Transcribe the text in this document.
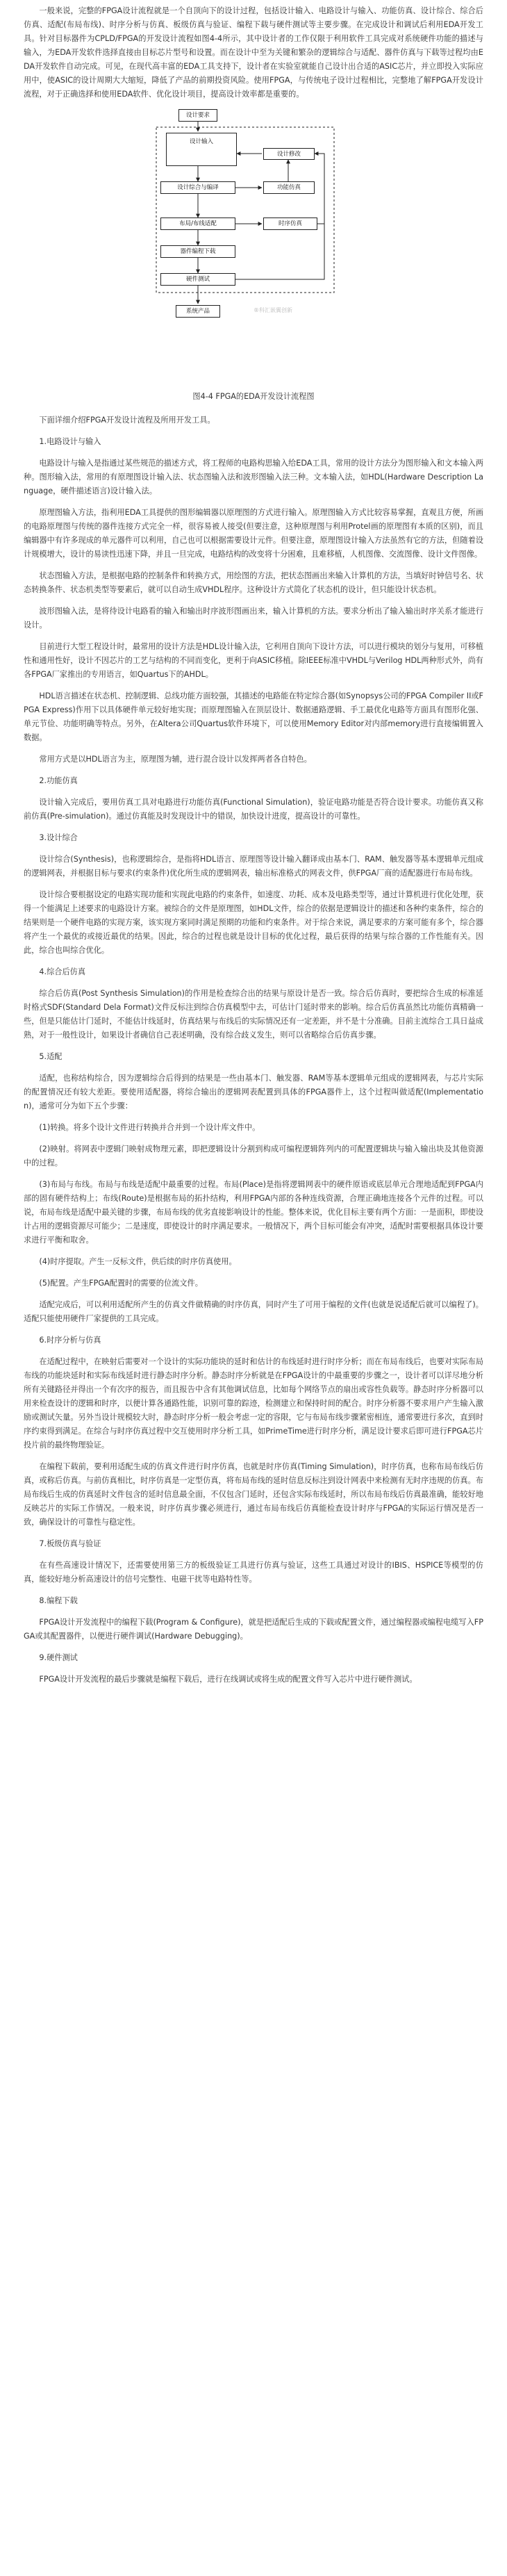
一般来说，完整的FPGA设计流程就是一个自顶向下的设计过程，包括设计输入、电路设计与输入、功能仿真、设计综合、综合后仿真、适配(布局布线)、时序分析与仿真、板级仿真与验证、编程下载与硬件测试等主要步骤。在完成设计和调试后利用EDA开发工具。针对目标器件为CPLD/FPGA的开发设计流程如图4-4所示，其中设计者的工作仅限于利用软件工具完成对系统硬件功能的描述与输入，为EDA开发软件选择直接由目标芯片型号和设置。而在设计中至为关键和繁杂的逻辑综合与适配、器件仿真与下载等过程均由EDA开发软件自动完成。可见，在现代高丰富的EDA工具支持下，设计者在实验室就能自己设计出合适的ASIC芯片，并立即投入实际应用中，使ASIC的设计周期大大缩短，降低了产品的前期投资风险。使用FPGA，与传统电子设计过程相比，完整地了解FPGA开发设计流程，对于正确选择和使用EDA软件、优化设计项目，提高设计效率都是重要的。

设计要求
设计输入
设计修改
设计综合与编译	功能仿真
布局/布线适配	时序仿真
器件编程下载
硬件测试
系统产品	®科汇嵌翼创新
图4-4 FPGA的EDA开发设计流程图

下面详细介绍FPGA开发设计流程及所用开发工具。

1.电路设计与输入

电路设计与输入是指通过某些规范的描述方式，将工程师的电路构思输入给EDA工具，常用的设计方法分为图形输入和文本输入两种。图形输入法，常用的有原理图设计输入法、状态图输入法和波形图输入法三种。文本输入法，如HDL(Hardware Description Language，硬件描述语言)设计输入法。

原理图输入方法，指利用EDA工具提供的图形编辑器以原理图的方式进行输入。原理图输入方式比较容易掌握，直观且方便，所画的电路原理图与传统的器件连接方式完全一样，很容易被人接受(但要注意，这种原理图与利用Protel画的原理图有本质的区别)，而且编辑器中有许多现成的单元器件可以利用，自己也可以根据需要设计元件。但要注意，原理图设计输入方法虽然有它的方法，但随着设计规模增大，设计的易读性迅速下降，并且一旦完成，电路结构的改变将十分困难，且难移植，人机图像、交流图像、设计文件图像。

状态图输入方法，是根据电路的控制条件和转换方式，用绘图的方法，把状态图画出来输入计算机的方法，当填好时钟信号名、状态转换条件、状态机类型等要素后，就可以自动生成VHDL程序。这种设计方式简化了状态机的设计，但只能设计状态机。

波形图输入法，是将待设计电路看的输入和输出时序波形图画出来，输入计算机的方法。要求分析出了输入输出时序关系才能进行设计。

目前进行大型工程设计时，最常用的设计方法是HDL设计输入法，它利用自顶向下设计方法，可以进行模块的划分与复用，可移植性和通用性好，设计不因芯片的工艺与结构的不同而变化，更利于向ASIC移植。除IEEE标准中VHDL与Verilog HDL两种形式外，尚有各FPGA厂家推出的专用语言，如Quartus下的AHDL。

HDL语言描述在状态机、控制逻辑、总线功能方面较强，其描述的电路能在特定综合器(如Synopsys公司的FPGA Compiler II或FPGA Express)作用下以具体硬件单元较好地实现；而原理图输入在顶层设计、数据通路逻辑、手工最优化电路等方面具有图形化强、单元节俭、功能明确等特点。另外，在Altera公司Quartus软件环境下，可以使用Memory Editor对内部memory进行直接编辑置入数据。

常用方式是以HDL语言为主，原理图为辅，进行混合设计以发挥两者各自特色。

2.功能仿真

设计输入完成后，要用仿真工具对电路进行功能仿真(Functional Simulation)，验证电路功能是否符合设计要求。功能仿真又称前仿真(Pre-simulation)。通过仿真能及时发现设计中的错误，加快设计进度，提高设计的可靠性。

3.设计综合

设计综合(Synthesis)，也称逻辑综合，是指将HDL语言、原理图等设计输入翻译成由基本门、RAM、触发器等基本逻辑单元组成的逻辑网表，并根据目标与要求(约束条件)优化所生成的逻辑网表，输出标准格式的网表文件，供FPGA厂商的适配器进行布局布线。

设计综合要根据设定的电路实现功能和实现此电路的约束条件，如速度、功耗、成本及电路类型等，通过计算机进行优化处理，获得一个能满足上述要求的电路设计方案。被综合的文件是原理图，如HDL文件，综合的依据是逻辑设计的描述和各种约束条件，综合的结果则是一个硬件电路的实现方案，该实现方案同时满足预期的功能和约束条件。对于综合来说，满足要求的方案可能有多个，综合器将产生一个最优的或接近最优的结果。因此，综合的过程也就是设计目标的优化过程，最后获得的结果与综合器的工作性能有关。因此，综合也叫综合优化。

4.综合后仿真

综合后仿真(Post Synthesis Simulation)的作用是检查综合出的结果与原设计是否一致。综合后仿真时，要把综合生成的标准延时格式SDF(Standard Dela Format)文件反标注到综合仿真模型中去，可估计门延时带来的影响。综合后仿真虽然比功能仿真精确一些，但是只能估计门延时，不能估计线延时，仿真结果与布线后的实际情况还有一定差距，并不是十分准确。目前主流综合工具日益成熟，对于一般性设计，如果设计者确信自己表述明确，没有综合歧义发生，则可以省略综合后仿真步骤。

5.适配

适配，也称结构综合，因为逻辑综合后得到的结果是一些由基本门、触发器、RAM等基本逻辑单元组成的逻辑网表，与芯片实际的配置情况还有较大差距。要使用适配器，将综合输出的逻辑网表配置到具体的FPGA器件上，这个过程叫做适配(Implementation)，通常可分为如下五个步骤：

(1)转换。将多个设计文件进行转换并合并到一个设计库文件中。

(2)映射。将网表中逻辑门映射成物理元素，即把逻辑设计分割到构成可编程逻辑阵列内的可配置逻辑块与输入输出块及其他资源中的过程。

(3)布局与布线。布局与布线是适配中最重要的过程。布局(Place)是指将逻辑网表中的硬件原语或底层单元合理地适配到FPGA内部的固有硬件结构上；布线(Route)是根据布局的拓扑结构，利用FPGA内部的各种连线资源，合理正确地连接各个元件的过程。可以说，布局布线是适配中最关键的步骤，布局布线的优劣直接影响设计的性能。整体来说，优化目标主要有两个方面：一是面积，即使设计占用的逻辑资源尽可能少；二是速度，即使设计的时序满足要求。一般情况下，两个目标可能会有冲突，适配时需要根据具体设计要求进行平衡和取舍。

(4)时序提取。产生一反标文件，供后续的时序仿真使用。

(5)配置。产生FPGA配置时的需要的位流文件。

适配完成后，可以利用适配所产生的仿真文件做精确的时序仿真，同时产生了可用于编程的文件(也就是说适配后就可以编程了)。适配只能使用硬件厂家提供的工具完成。

6.时序分析与仿真

在适配过程中，在映射后需要对一个设计的实际功能块的延时和估计的布线延时进行时序分析；而在布局布线后，也要对实际布局布线的功能块延时和实际布线延时进行静态时序分析。静态时序分析就是在FPGA设计的中最重要的步骤之一，设计者可以详尽地分析所有关键路径并得出一个有次序的报告，而且报告中含有其他调试信息，比如每个网络节点的扇出或容性负载等。静态时序分析器可以用来检查设计的逻辑和时序，以便计算各通路性能，识别可靠的踪迹，检测建立和保持时间的配合。时序分析器不要求用户产生输入激励或测试矢量。另外当设计规模较大时，静态时序分析一般会考虑一定的容限，它与布局布线步骤紧密相连，通常要进行多次，直到时序约束得到满足。在综合与时序仿真过程中交互使用时序分析工具，如PrimeTime进行时序分析，满足设计要求后即可进行FPGA芯片投片前的最终物理验证。

在编程下载前，要利用适配生成的仿真文件进行时序仿真，也就是时序仿真(Timing Simulation)，时序仿真，也称布局布线后仿真，或称后仿真。与前仿真相比，时序仿真是一定型仿真，将布局布线的延时信息反标注到设计网表中来检测有无时序违规的仿真。布局布线后生成的仿真延时文件包含的延时信息最全面，不仅包含门延时，还包含实际布线延时，所以布局布线后仿真最准确，能较好地反映芯片的实际工作情况。一般来说，时序仿真步骤必须进行，通过布局布线后仿真能检查设计时序与FPGA的实际运行情况是否一致，确保设计的可靠性与稳定性。

7.板级仿真与验证

在有些高速设计情况下，还需要使用第三方的板级验证工具进行仿真与验证，这些工具通过对设计的IBIS、HSPICE等模型的仿真，能较好地分析高速设计的信号完整性、电磁干扰等电路特性等。

8.编程下载

FPGA设计开发流程中的编程下载(Program & Configure)，就是把适配后生成的下载或配置文件，通过编程器或编程电缆写入FPGA或其配置器件，以便进行硬件调试(Hardware Debugging)。

9.硬件测试

FPGA设计开发流程的最后步骤就是编程下载后，进行在线调试或将生成的配置文件写入芯片中进行硬件测试。
